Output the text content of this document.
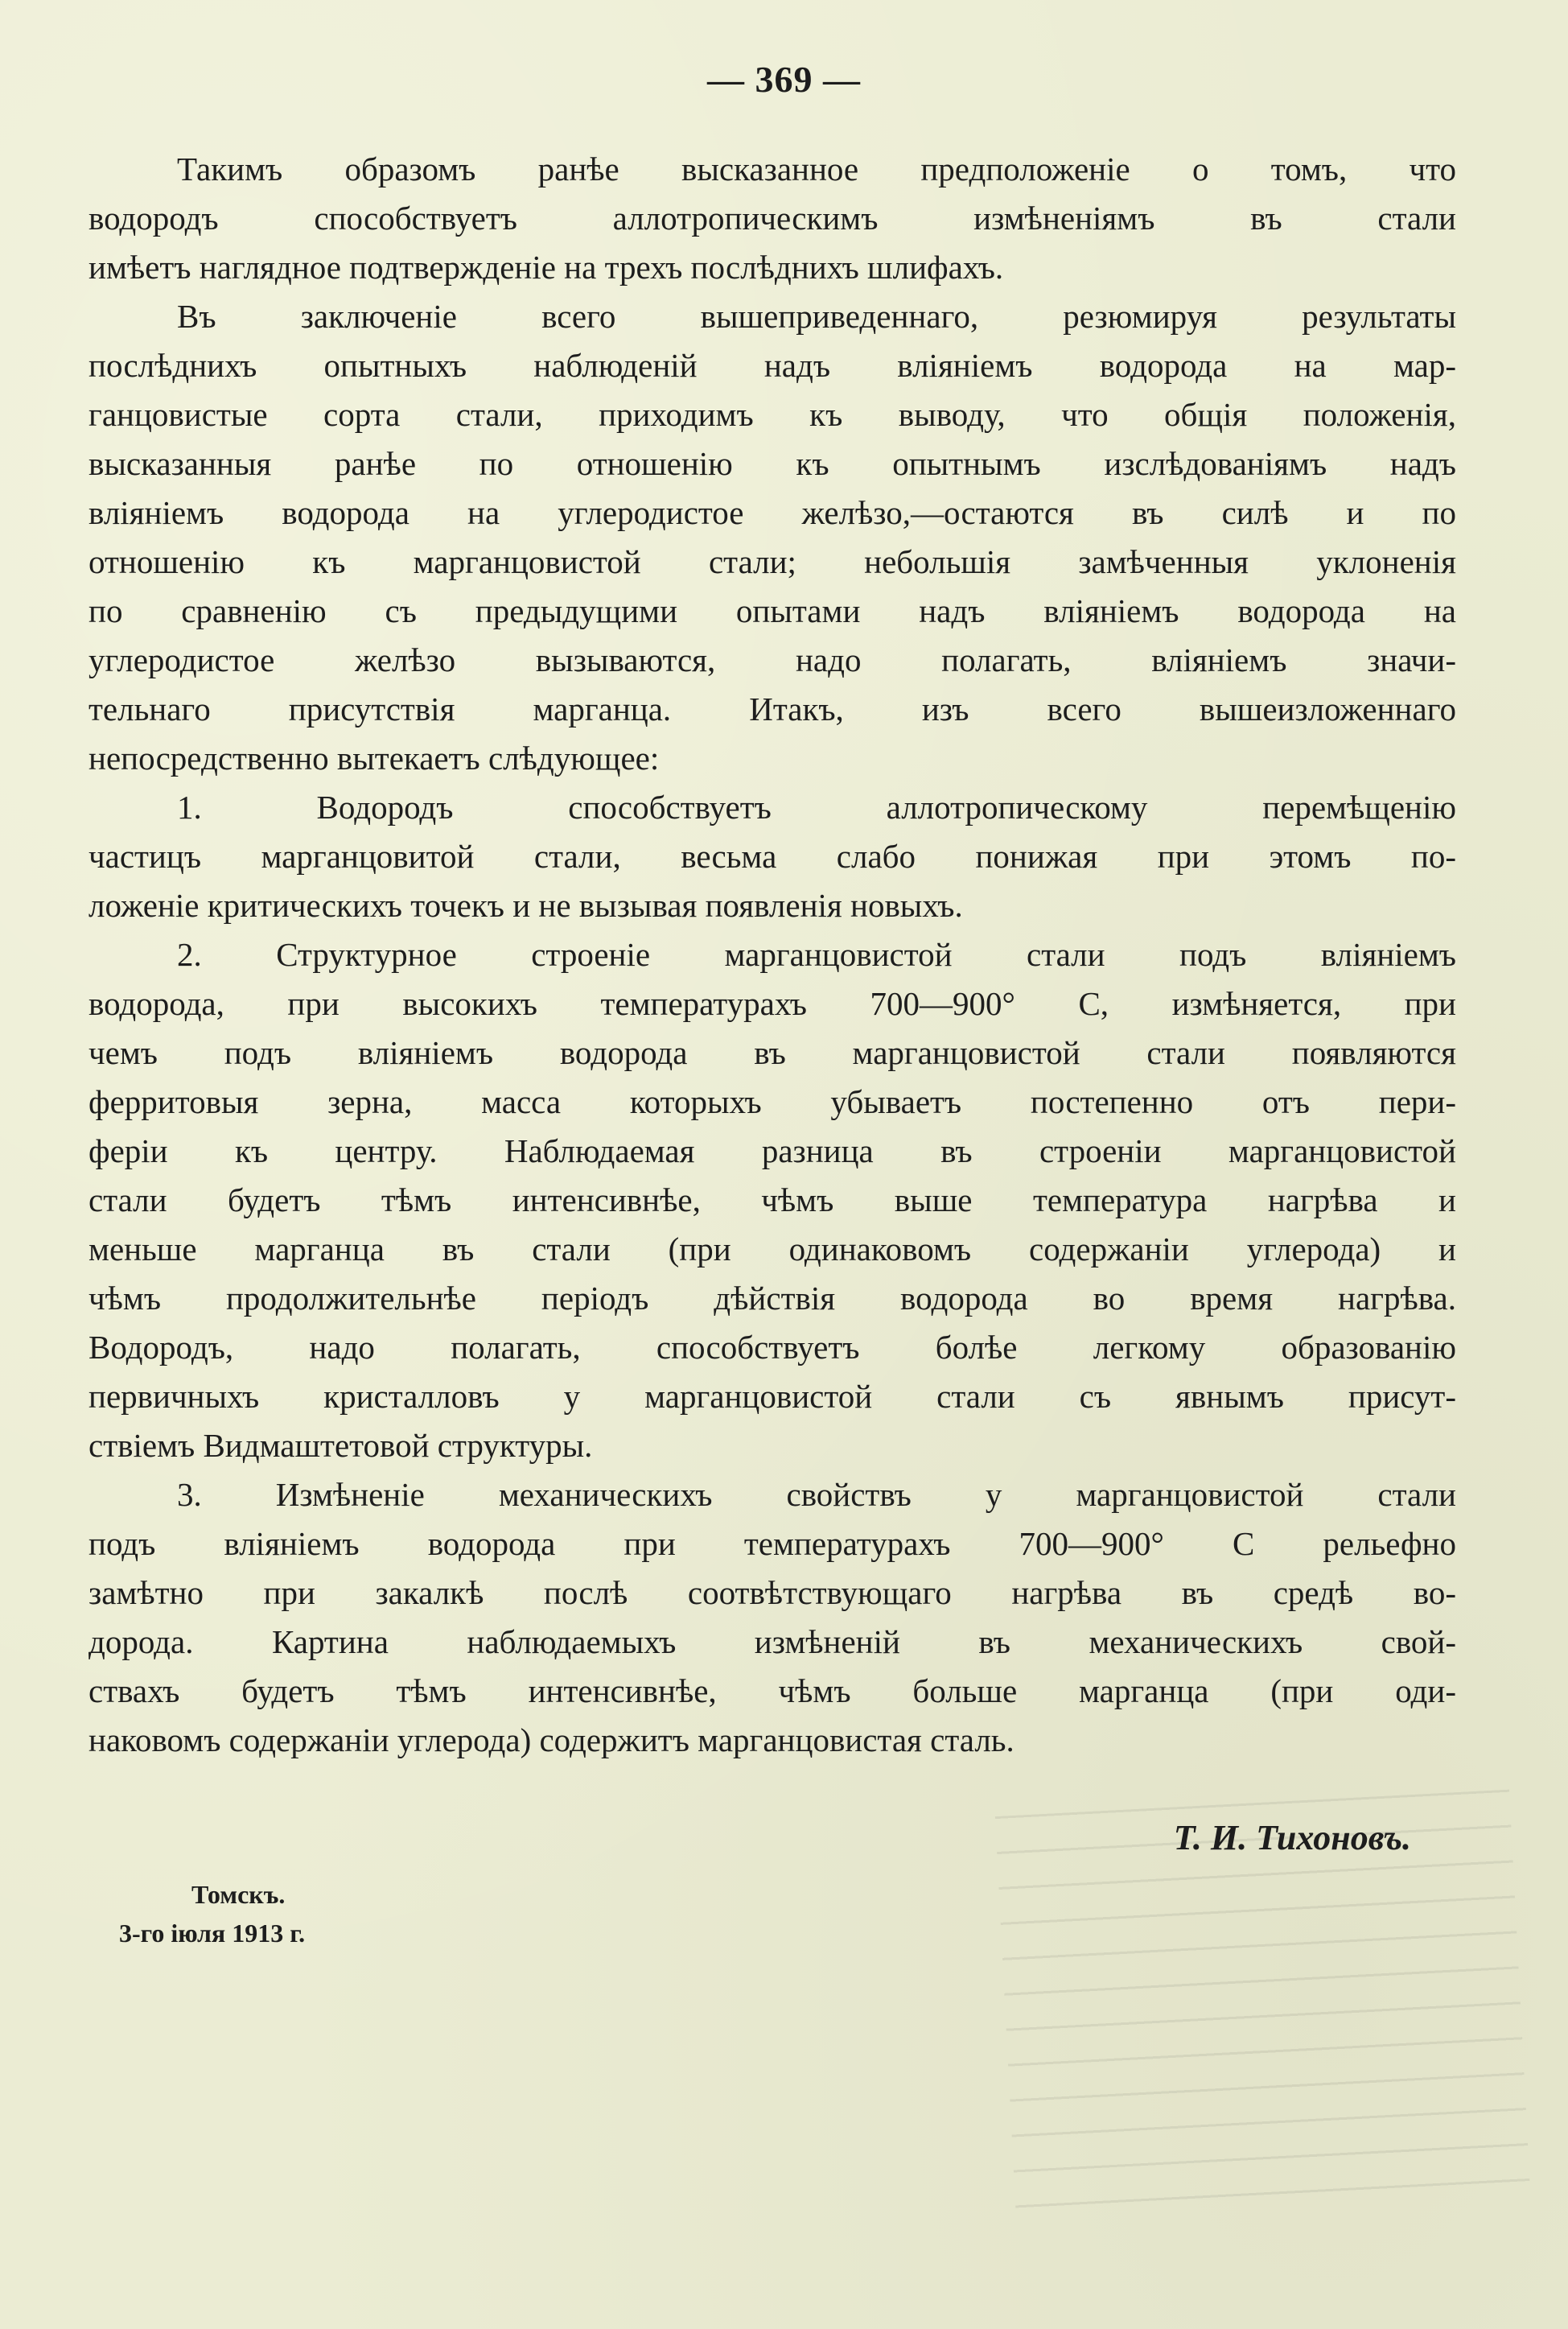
— 369 —
Такимъ образомъ ранѣе высказанное предположеніе о томъ, что
водородъ способствуетъ аллотропическимъ измѣненіямъ въ стали
имѣетъ наглядное подтвержденіе на трехъ послѣднихъ шлифахъ.
Въ заключеніе всего вышеприведеннаго, резюмируя результаты
послѣднихъ опытныхъ наблюденій надъ вліяніемъ водорода на мар-
ганцовистые сорта стали, приходимъ къ выводу, что общія положенія,
высказанныя ранѣе по отношенію къ опытнымъ изслѣдованіямъ надъ
вліяніемъ водорода на углеродистое желѣзо,—остаются въ силѣ и по
отношенію къ марганцовистой стали; небольшія замѣченныя уклоненія
по сравненію съ предыдущими опытами надъ вліяніемъ водорода на
углеродистое желѣзо вызываются, надо полагать, вліяніемъ значи-
тельнаго присутствія марганца. Итакъ, изъ всего вышеизложеннаго
непосредственно вытекаетъ слѣдующее:
1. Водородъ способствуетъ аллотропическому перемѣщенію
частицъ марганцовитой стали, весьма слабо понижая при этомъ по-
ложеніе критическихъ точекъ и не вызывая появленія новыхъ.
2. Структурное строеніе марганцовистой стали подъ вліяніемъ
водорода, при высокихъ температурахъ 700—900° С, измѣняется, при
чемъ подъ вліяніемъ водорода въ марганцовистой стали появляются
ферритовыя зерна, масса которыхъ убываетъ постепенно отъ пери-
феріи къ центру. Наблюдаемая разница въ строеніи марганцовистой
стали будетъ тѣмъ интенсивнѣе, чѣмъ выше температура нагрѣва и
меньше марганца въ стали (при одинаковомъ содержаніи углерода) и
чѣмъ продолжительнѣе періодъ дѣйствія водорода во время нагрѣва.
Водородъ, надо полагать, способствуетъ болѣе легкому образованію
первичныхъ кристалловъ у марганцовистой стали съ явнымъ присут-
ствіемъ Видмаштетовой структуры.
3. Измѣненіе механическихъ свойствъ у марганцовистой стали
подъ вліяніемъ водорода при температурахъ 700—900° С рельефно
замѣтно при закалкѣ послѣ соотвѣтствующаго нагрѣва въ средѣ во-
дорода. Картина наблюдаемыхъ измѣненій въ механическихъ свой-
ствахъ будетъ тѣмъ интенсивнѣе, чѣмъ больше марганца (при оди-
наковомъ содержаніи углерода) содержитъ марганцовистая сталь.
Т. И. Тихоновъ.
Томскъ.
3-го іюля 1913 г.
